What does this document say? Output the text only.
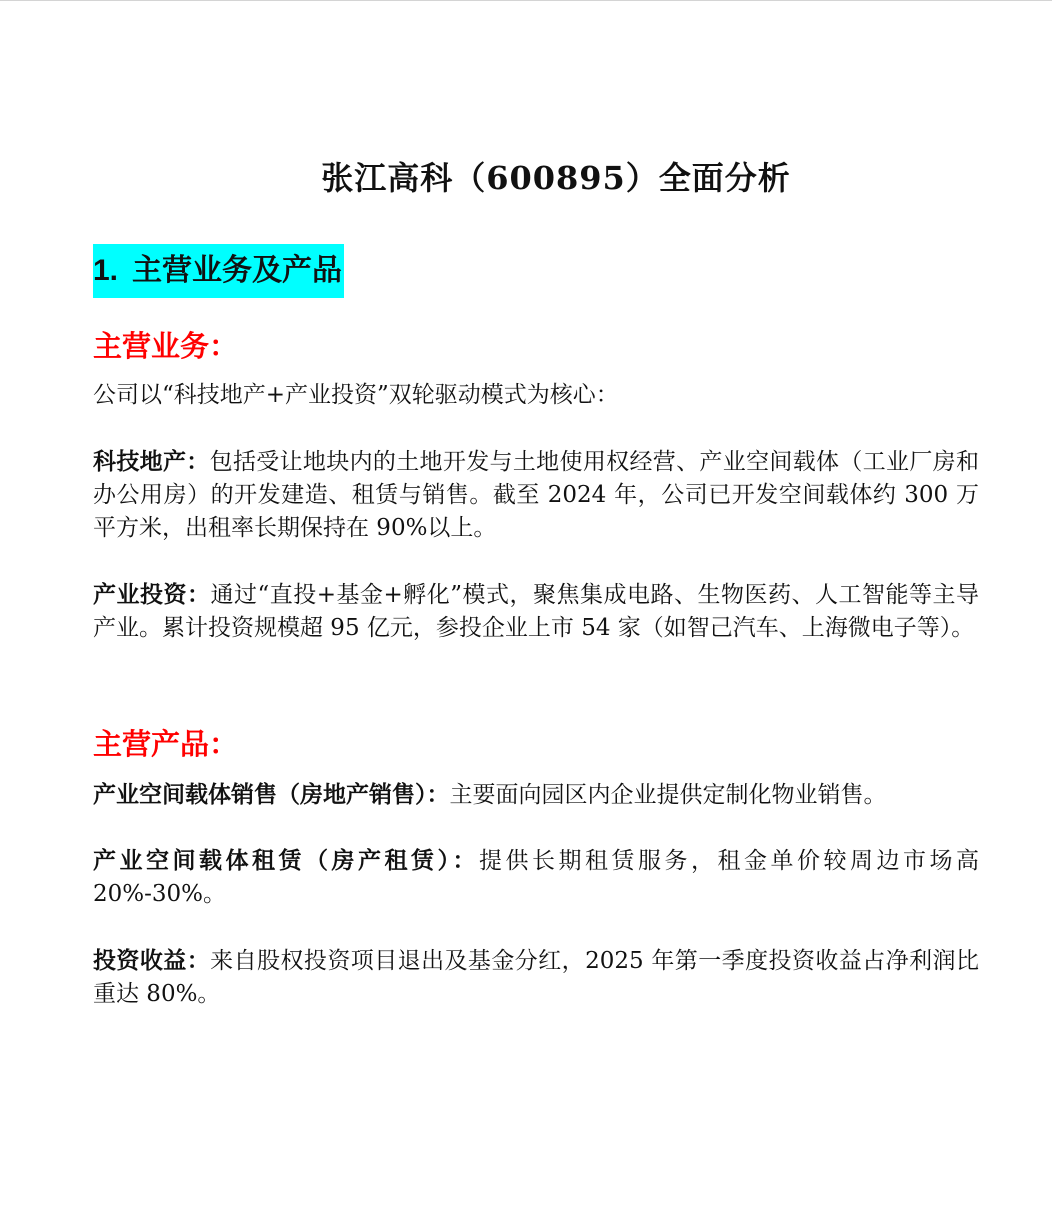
张江高科（600895）全面分析
1. 主营业务及产品
主营业务：

公司以“科技地产+产业投资”双轮驱动模式为核心：

科技地产：包括受让地块内的土地开发与土地使用权经营、产业空间载体（工业厂房和办公用房）的开发建造、租赁与销售。截至 2024 年，公司已开发空间载体约 300 万平方米，出租率长期保持在 90%以上。

产业投资：通过“直投+基金+孵化”模式，聚焦集成电路、生物医药、人工智能等主导产业。累计投资规模超 95 亿元，参投企业上市 54 家（如智己汽车、上海微电子等）。

主营产品：

产业空间载体销售（房地产销售）：主要面向园区内企业提供定制化物业销售。

产业空间载体租赁（房产租赁）：提供长期租赁服务，租金单价较周边市场高 20%-30%。

投资收益：来自股权投资项目退出及基金分红，2025 年第一季度投资收益占净利润比重达 80%。
